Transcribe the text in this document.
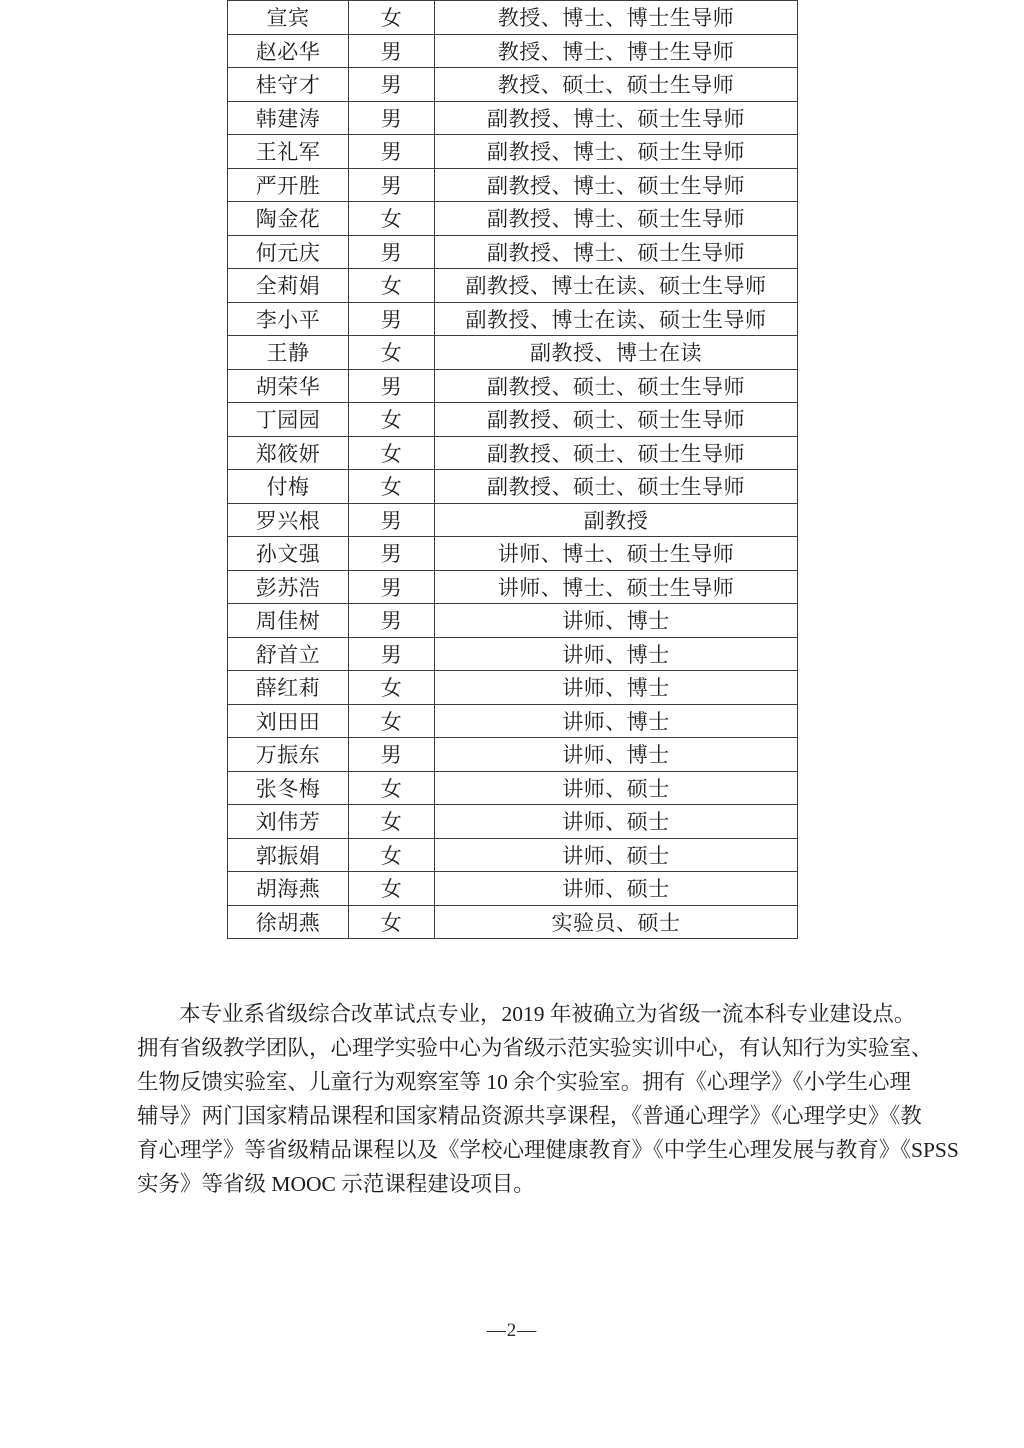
宣宾	女	教授、博士、博士生导师
赵必华	男	教授、博士、博士生导师
桂守才	男	教授、硕士、硕士生导师
韩建涛	男	副教授、博士、硕士生导师
王礼军	男	副教授、博士、硕士生导师
严开胜	男	副教授、博士、硕士生导师
陶金花	女	副教授、博士、硕士生导师
何元庆	男	副教授、博士、硕士生导师
全莉娟	女	副教授、博士在读、硕士生导师
李小平	男	副教授、博士在读、硕士生导师
王静	女	副教授、博士在读
胡荣华	男	副教授、硕士、硕士生导师
丁园园	女	副教授、硕士、硕士生导师
郑筱妍	女	副教授、硕士、硕士生导师
付梅	女	副教授、硕士、硕士生导师
罗兴根	男	副教授
孙文强	男	讲师、博士、硕士生导师
彭苏浩	男	讲师、博士、硕士生导师
周佳树	男	讲师、博士
舒首立	男	讲师、博士
薛红莉	女	讲师、博士
刘田田	女	讲师、博士
万振东	男	讲师、博士
张冬梅	女	讲师、硕士
刘伟芳	女	讲师、硕士
郭振娟	女	讲师、硕士
胡海燕	女	讲师、硕士
徐胡燕	女	实验员、硕士
本专业系省级综合改革试点专业，2019 年被确立为省级一流本科专业建设点。
拥有省级教学团队，心理学实验中心为省级示范实验实训中心，有认知行为实验室、
生物反馈实验室、儿童行为观察室等 10 余个实验室。拥有《心理学》《小学生心理
辅导》两门国家精品课程和国家精品资源共享课程，《普通心理学》《心理学史》《教
育心理学》等省级精品课程以及《学校心理健康教育》《中学生心理发展与教育》《SPSS
实务》等省级 MOOC 示范课程建设项目。
—2—
